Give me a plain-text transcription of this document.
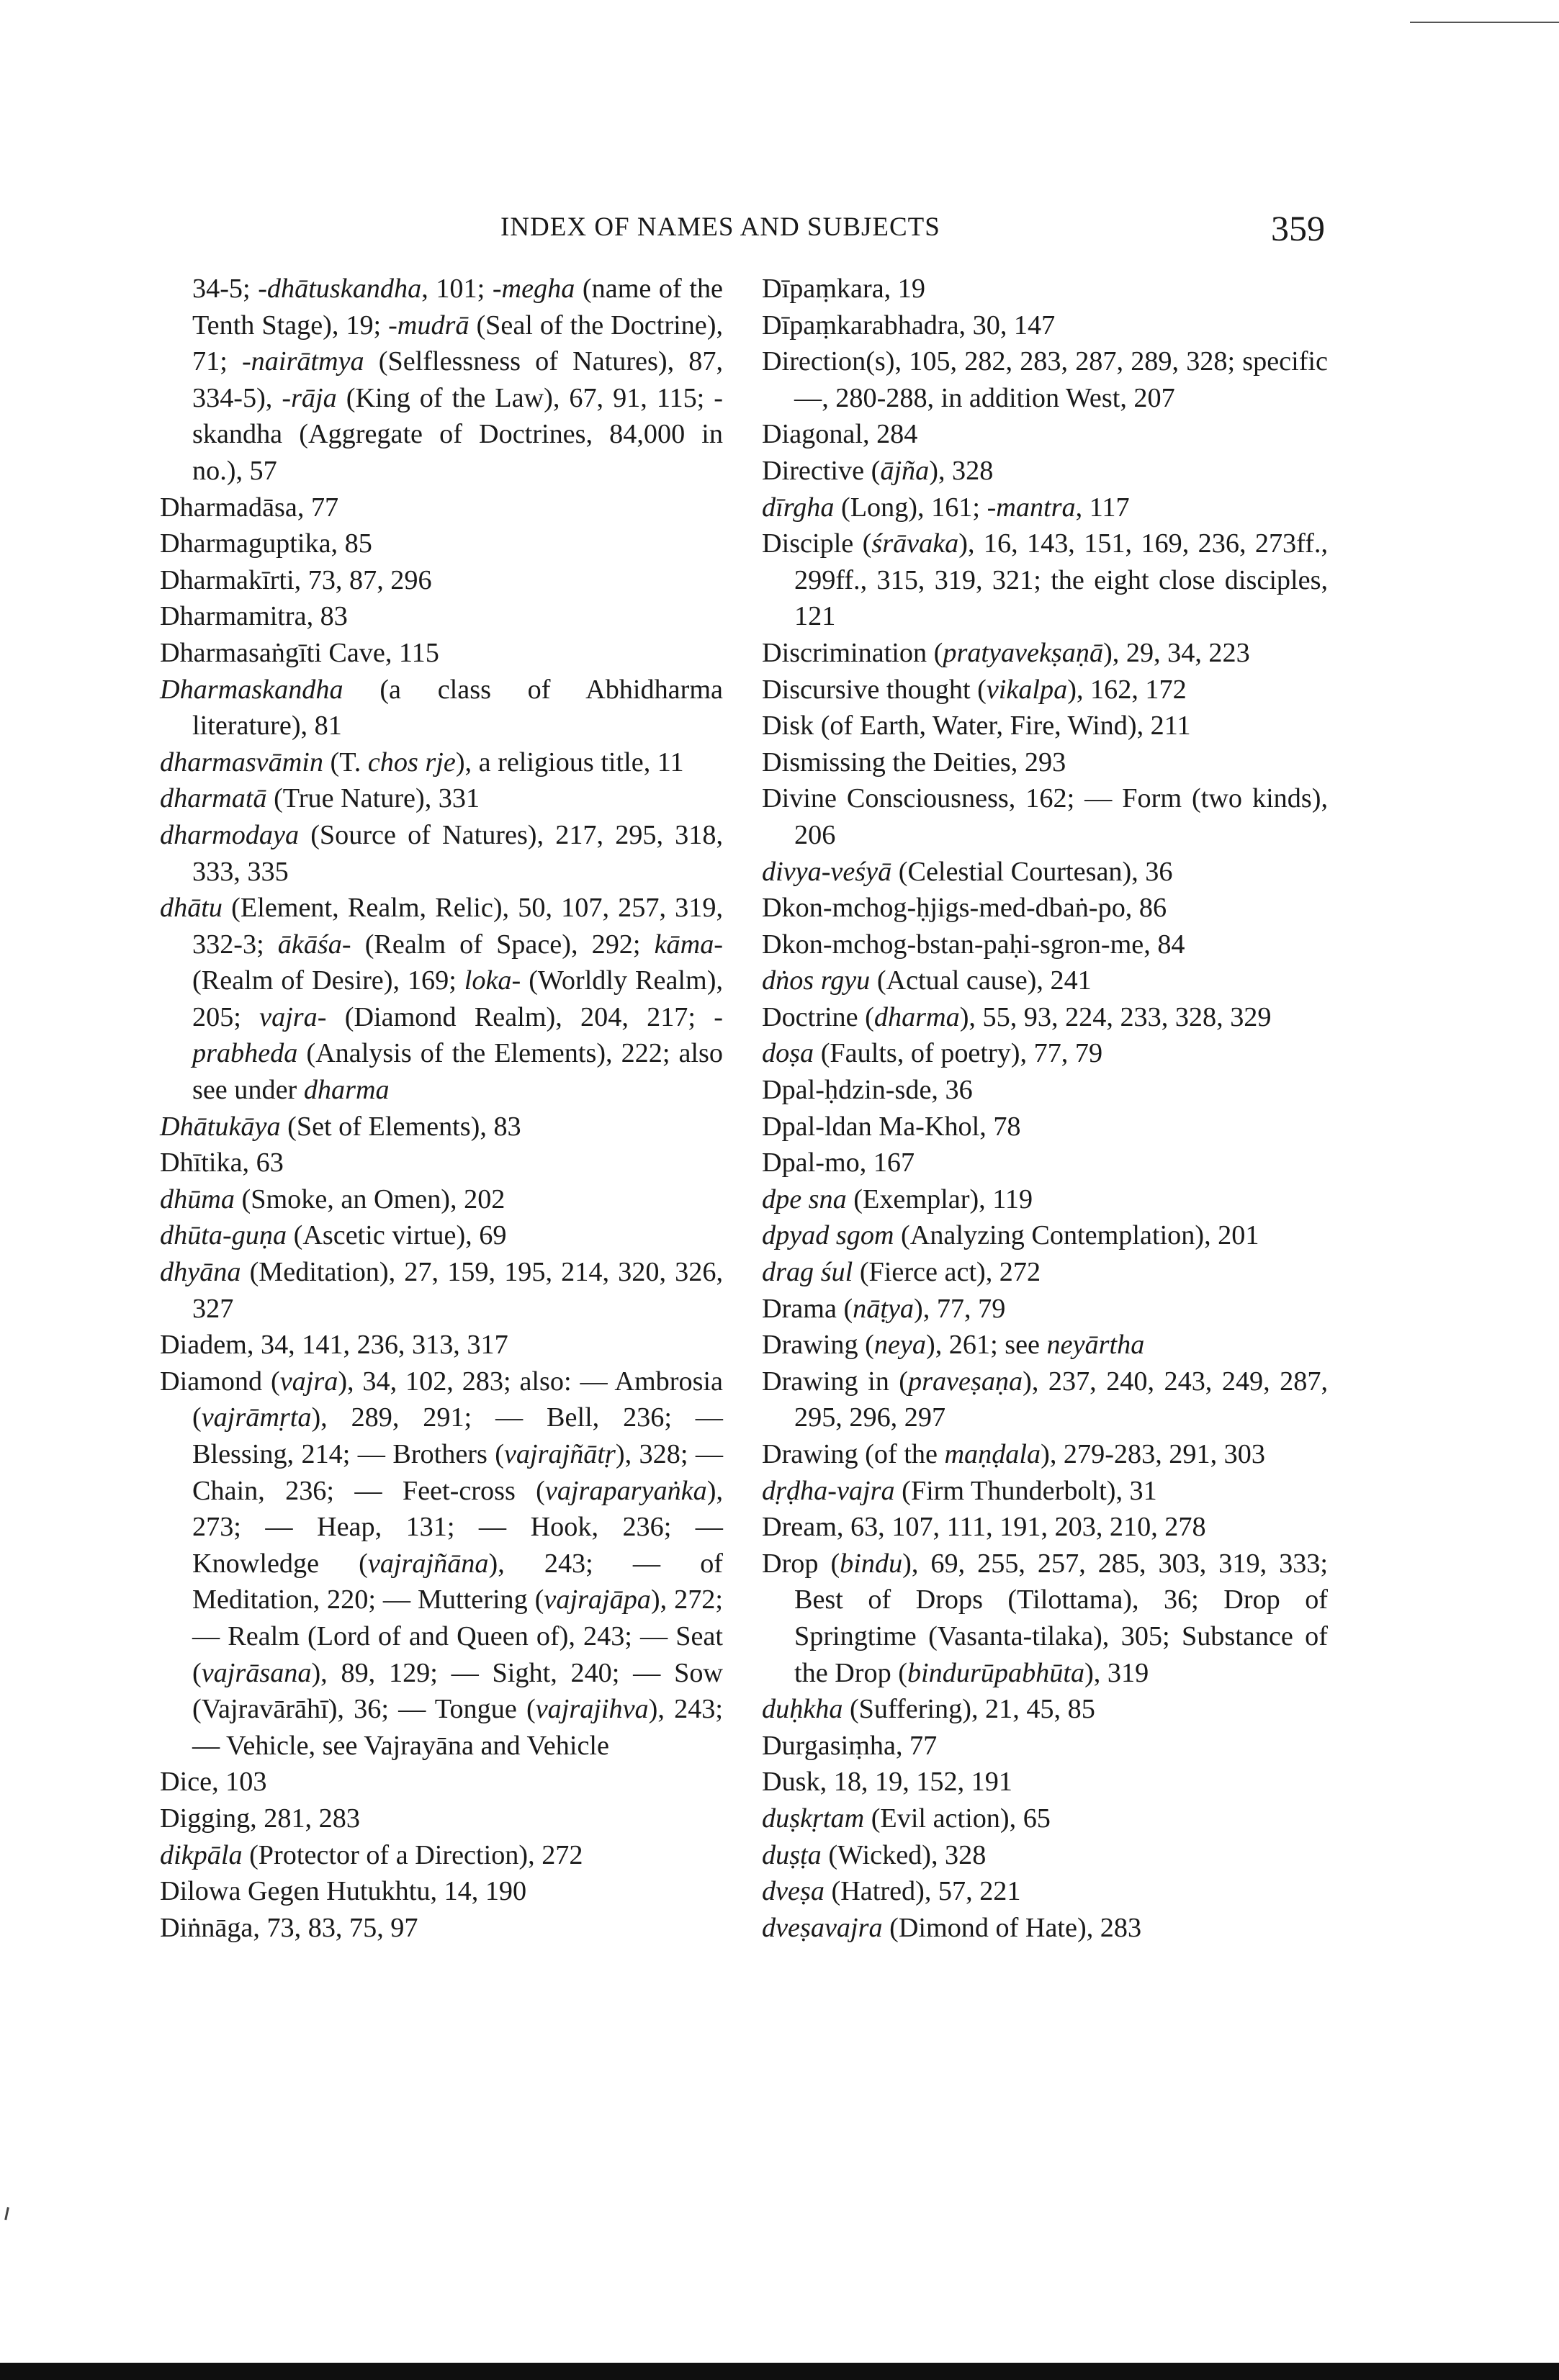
INDEX OF NAMES AND SUBJECTS	359
34-5; -dhātuskandha, 101; -megha (name of the Tenth Stage), 19; -mudrā (Seal of the Doctrine), 71; -nairātmya (Selflessness of Natures), 87, 334-5), -rāja (King of the Law), 67, 91, 115; -skandha (Aggregate of Doctrines, 84,000 in no.), 57
Dharmadāsa, 77
Dharmaguptika, 85
Dharmakīrti, 73, 87, 296
Dharmamitra, 83
Dharmasaṅgīti Cave, 115
Dharmaskandha (a class of Abhidharma literature), 81
dharmasvāmin (T. chos rje), a religious title, 11
dharmatā (True Nature), 331
dharmodaya (Source of Natures), 217, 295, 318, 333, 335
dhātu (Element, Realm, Relic), 50, 107, 257, 319, 332-3; ākāśa- (Realm of Space), 292; kāma- (Realm of Desire), 169; loka- (Worldly Realm), 205; vajra- (Diamond Realm), 204, 217; -prabheda (Analysis of the Elements), 222; also see under dharma
Dhātukāya (Set of Elements), 83
Dhītika, 63
dhūma (Smoke, an Omen), 202
dhūta-guṇa (Ascetic virtue), 69
dhyāna (Meditation), 27, 159, 195, 214, 320, 326, 327
Diadem, 34, 141, 236, 313, 317
Diamond (vajra), 34, 102, 283; also: — Ambrosia (vajrāmṛta), 289, 291; — Bell, 236; — Blessing, 214; — Brothers (vajrajñātṛ), 328; — Chain, 236; — Feet-cross (vajraparyaṅka), 273; — Heap, 131; — Hook, 236; — Knowledge (vajrajñāna), 243; — of Meditation, 220; — Muttering (vajrajāpa), 272; — Realm (Lord of and Queen of), 243; — Seat (vajrāsana), 89, 129; — Sight, 240; — Sow (Vajravārāhī), 36; — Tongue (vajrajihva), 243; — Vehicle, see Vajrayāna and Vehicle
Dice, 103
Digging, 281, 283
dikpāla (Protector of a Direction), 272
Dilowa Gegen Hutukhtu, 14, 190
Diṅnāga, 73, 83, 75, 97
Dīpaṃkara, 19
Dīpaṃkarabhadra, 30, 147
Direction(s), 105, 282, 283, 287, 289, 328; specific —, 280-288, in addition West, 207
Diagonal, 284
Directive (ājña), 328
dīrgha (Long), 161; -mantra, 117
Disciple (śrāvaka), 16, 143, 151, 169, 236, 273ff., 299ff., 315, 319, 321; the eight close disciples, 121
Discrimination (pratyavekṣaṇā), 29, 34, 223
Discursive thought (vikalpa), 162, 172
Disk (of Earth, Water, Fire, Wind), 211
Dismissing the Deities, 293
Divine Consciousness, 162; — Form (two kinds), 206
divya-veśyā (Celestial Courtesan), 36
Dkon-mchog-ḥjigs-med-dbaṅ-po, 86
Dkon-mchog-bstan-paḥi-sgron-me, 84
dṅos rgyu (Actual cause), 241
Doctrine (dharma), 55, 93, 224, 233, 328, 329
doṣa (Faults, of poetry), 77, 79
Dpal-ḥdzin-sde, 36
Dpal-ldan Ma-Khol, 78
Dpal-mo, 167
dpe sna (Exemplar), 119
dpyad sgom (Analyzing Contemplation), 201
drag śul (Fierce act), 272
Drama (nāṭya), 77, 79
Drawing (neya), 261; see neyārtha
Drawing in (praveṣaṇa), 237, 240, 243, 249, 287, 295, 296, 297
Drawing (of the maṇḍala), 279-283, 291, 303
dṛḍha-vajra (Firm Thunderbolt), 31
Dream, 63, 107, 111, 191, 203, 210, 278
Drop (bindu), 69, 255, 257, 285, 303, 319, 333; Best of Drops (Tilottama), 36; Drop of Springtime (Vasanta-tilaka), 305; Substance of the Drop (bindurūpabhūta), 319
duḥkha (Suffering), 21, 45, 85
Durgasiṃha, 77
Dusk, 18, 19, 152, 191
duṣkṛtam (Evil action), 65
duṣṭa (Wicked), 328
dveṣa (Hatred), 57, 221
dveṣavajra (Dimond of Hate), 283
